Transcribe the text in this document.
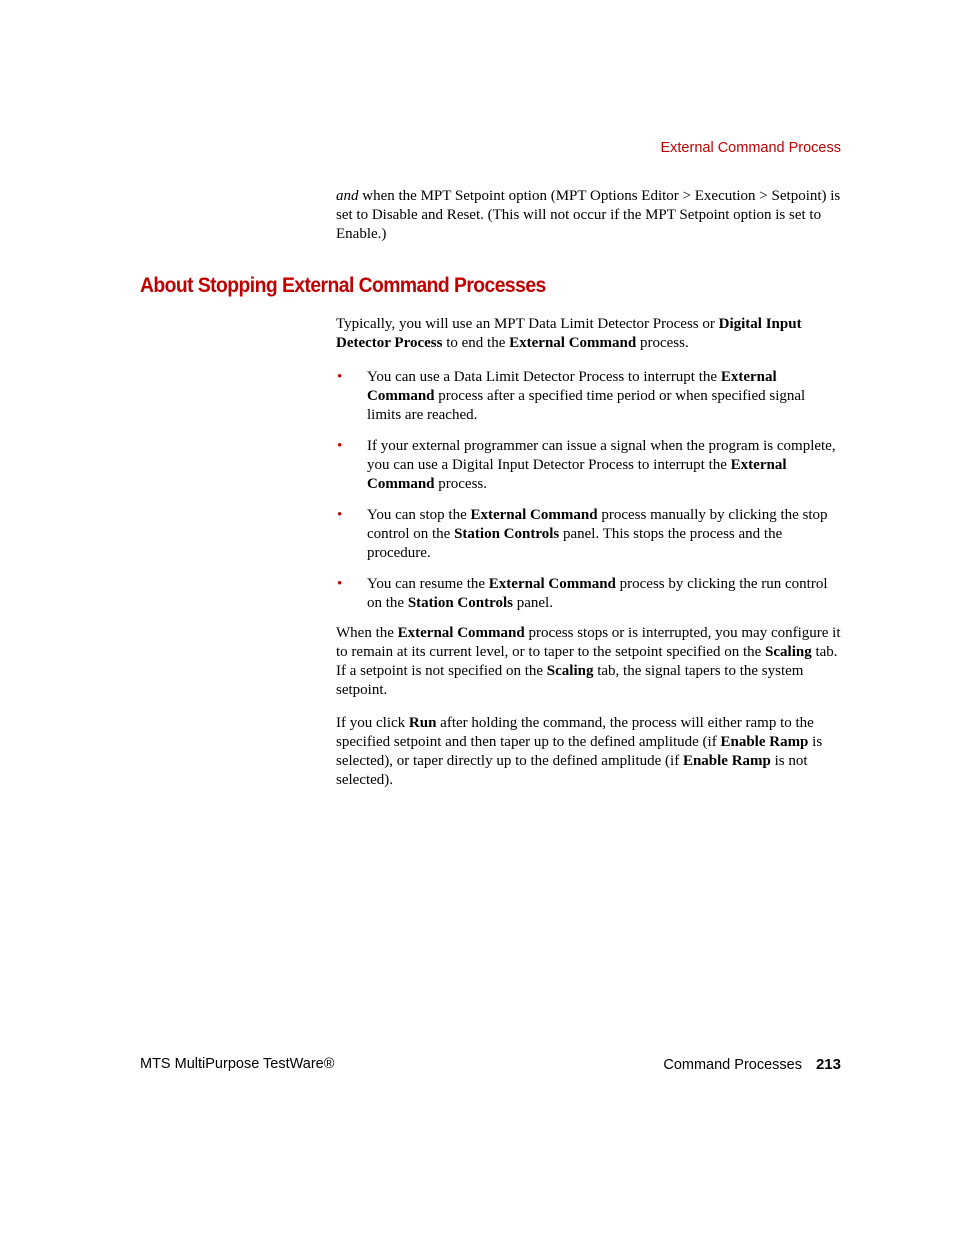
External Command Process

and when the MPT Setpoint option (MPT Options Editor > Execution > Setpoint) is set to Disable and Reset. (This will not occur if the MPT Setpoint option is set to Enable.)

About Stopping External Command Processes

Typically, you will use an MPT Data Limit Detector Process or Digital Input Detector Process to end the External Command process.

• You can use a Data Limit Detector Process to interrupt the External Command process after a specified time period or when specified signal limits are reached.
• If your external programmer can issue a signal when the program is complete, you can use a Digital Input Detector Process to interrupt the External Command process.
• You can stop the External Command process manually by clicking the stop control on the Station Controls panel. This stops the process and the procedure.
• You can resume the External Command process by clicking the run control on the Station Controls panel.

When the External Command process stops or is interrupted, you may configure it to remain at its current level, or to taper to the setpoint specified on the Scaling tab. If a setpoint is not specified on the Scaling tab, the signal tapers to the system setpoint.

If you click Run after holding the command, the process will either ramp to the specified setpoint and then taper up to the defined amplitude (if Enable Ramp is selected), or taper directly up to the defined amplitude (if Enable Ramp is not selected).

MTS MultiPurpose TestWare®	Command Processes 213
